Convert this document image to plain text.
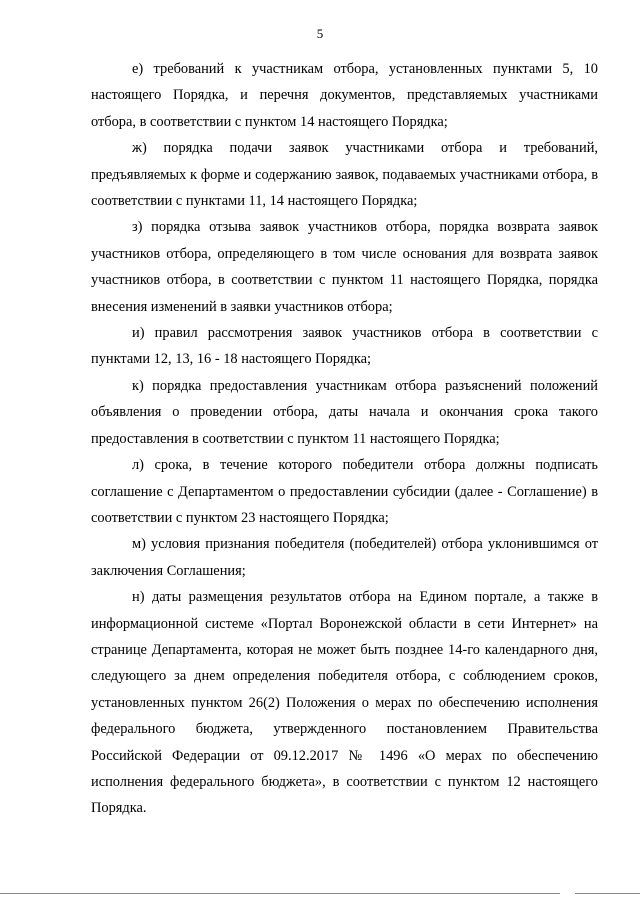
5

е) требований к участникам отбора, установленных пунктами 5, 10 настоящего Порядка, и перечня документов, представляемых участниками отбора, в соответствии с пунктом 14 настоящего Порядка;

ж) порядка подачи заявок участниками отбора и требований, предъявляемых к форме и содержанию заявок, подаваемых участниками отбора, в соответствии с пунктами 11, 14 настоящего Порядка;

з) порядка отзыва заявок участников отбора, порядка возврата заявок участников отбора, определяющего в том числе основания для возврата заявок участников отбора, в соответствии с пунктом 11 настоящего Порядка, порядка внесения изменений в заявки участников отбора;

и) правил рассмотрения заявок участников отбора в соответствии с пунктами 12, 13, 16 - 18 настоящего Порядка;

к) порядка предоставления участникам отбора разъяснений положений объявления о проведении отбора, даты начала и окончания срока такого предоставления в соответствии с пунктом 11 настоящего Порядка;

л) срока, в течение которого победители отбора должны подписать соглашение с Департаментом о предоставлении субсидии (далее - Соглашение) в соответствии с пунктом 23 настоящего Порядка;

м) условия признания победителя (победителей) отбора уклонившимся от заключения Соглашения;

н) даты размещения результатов отбора на Едином портале, а также в информационной системе «Портал Воронежской области в сети Интернет» на странице Департамента, которая не может быть позднее 14-го календарного дня, следующего за днем определения победителя отбора, с соблюдением сроков, установленных пунктом 26(2) Положения о мерах по обеспечению исполнения федерального бюджета, утвержденного постановлением Правительства Российской Федерации от 09.12.2017 № 1496 «О мерах по обеспечению исполнения федерального бюджета», в соответствии с пунктом 12 настоящего Порядка.
